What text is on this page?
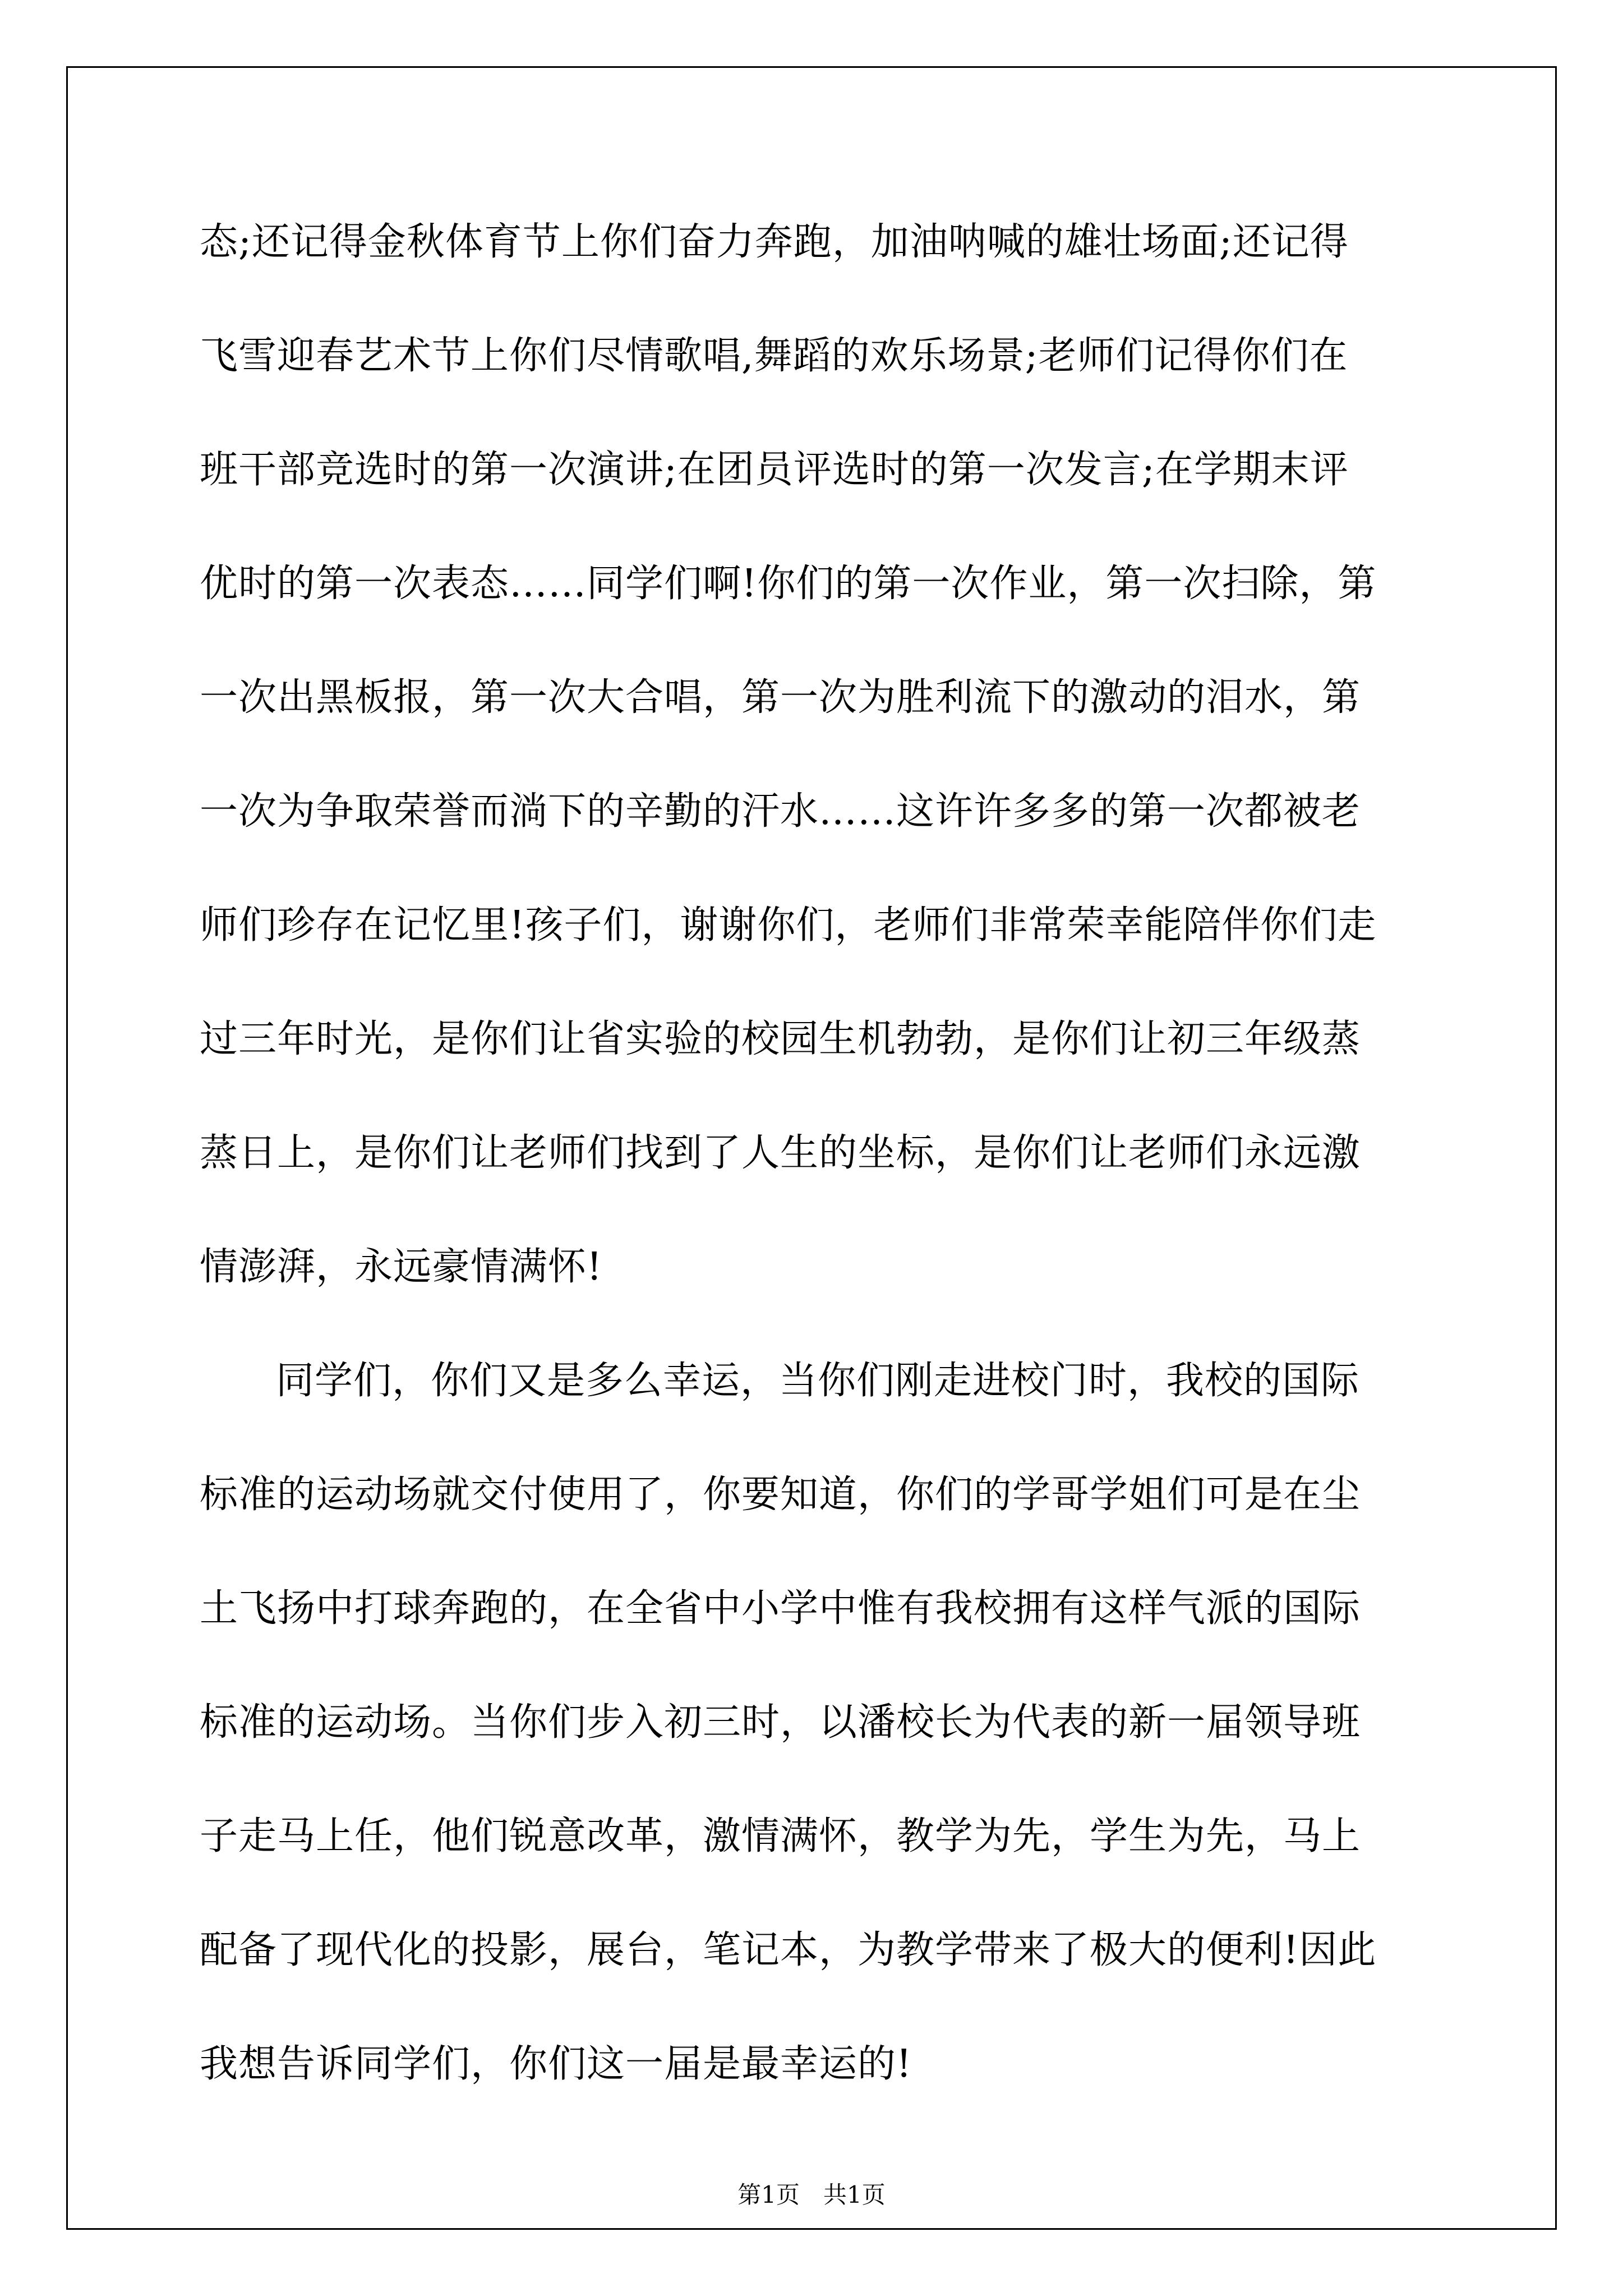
态;还记得金秋体育节上你们奋力奔跑，加油呐喊的雄壮场面;还记得
飞雪迎春艺术节上你们尽情歌唱,舞蹈的欢乐场景;老师们记得你们在
班干部竞选时的第一次演讲;在团员评选时的第一次发言;在学期末评
优时的第一次表态……同学们啊!你们的第一次作业，第一次扫除，第
一次出黑板报，第一次大合唱，第一次为胜利流下的激动的泪水，第
一次为争取荣誉而淌下的辛勤的汗水……这许许多多的第一次都被老
师们珍存在记忆里!孩子们，谢谢你们，老师们非常荣幸能陪伴你们走
过三年时光，是你们让省实验的校园生机勃勃，是你们让初三年级蒸
蒸日上，是你们让老师们找到了人生的坐标，是你们让老师们永远激
情澎湃，永远豪情满怀!
同学们，你们又是多么幸运，当你们刚走进校门时，我校的国际
标准的运动场就交付使用了，你要知道，你们的学哥学姐们可是在尘
土飞扬中打球奔跑的，在全省中小学中惟有我校拥有这样气派的国际
标准的运动场。当你们步入初三时，以潘校长为代表的新一届领导班
子走马上任，他们锐意改革，激情满怀，教学为先，学生为先，马上
配备了现代化的投影，展台，笔记本，为教学带来了极大的便利!因此
我想告诉同学们，你们这一届是最幸运的!
第1页　共1页
